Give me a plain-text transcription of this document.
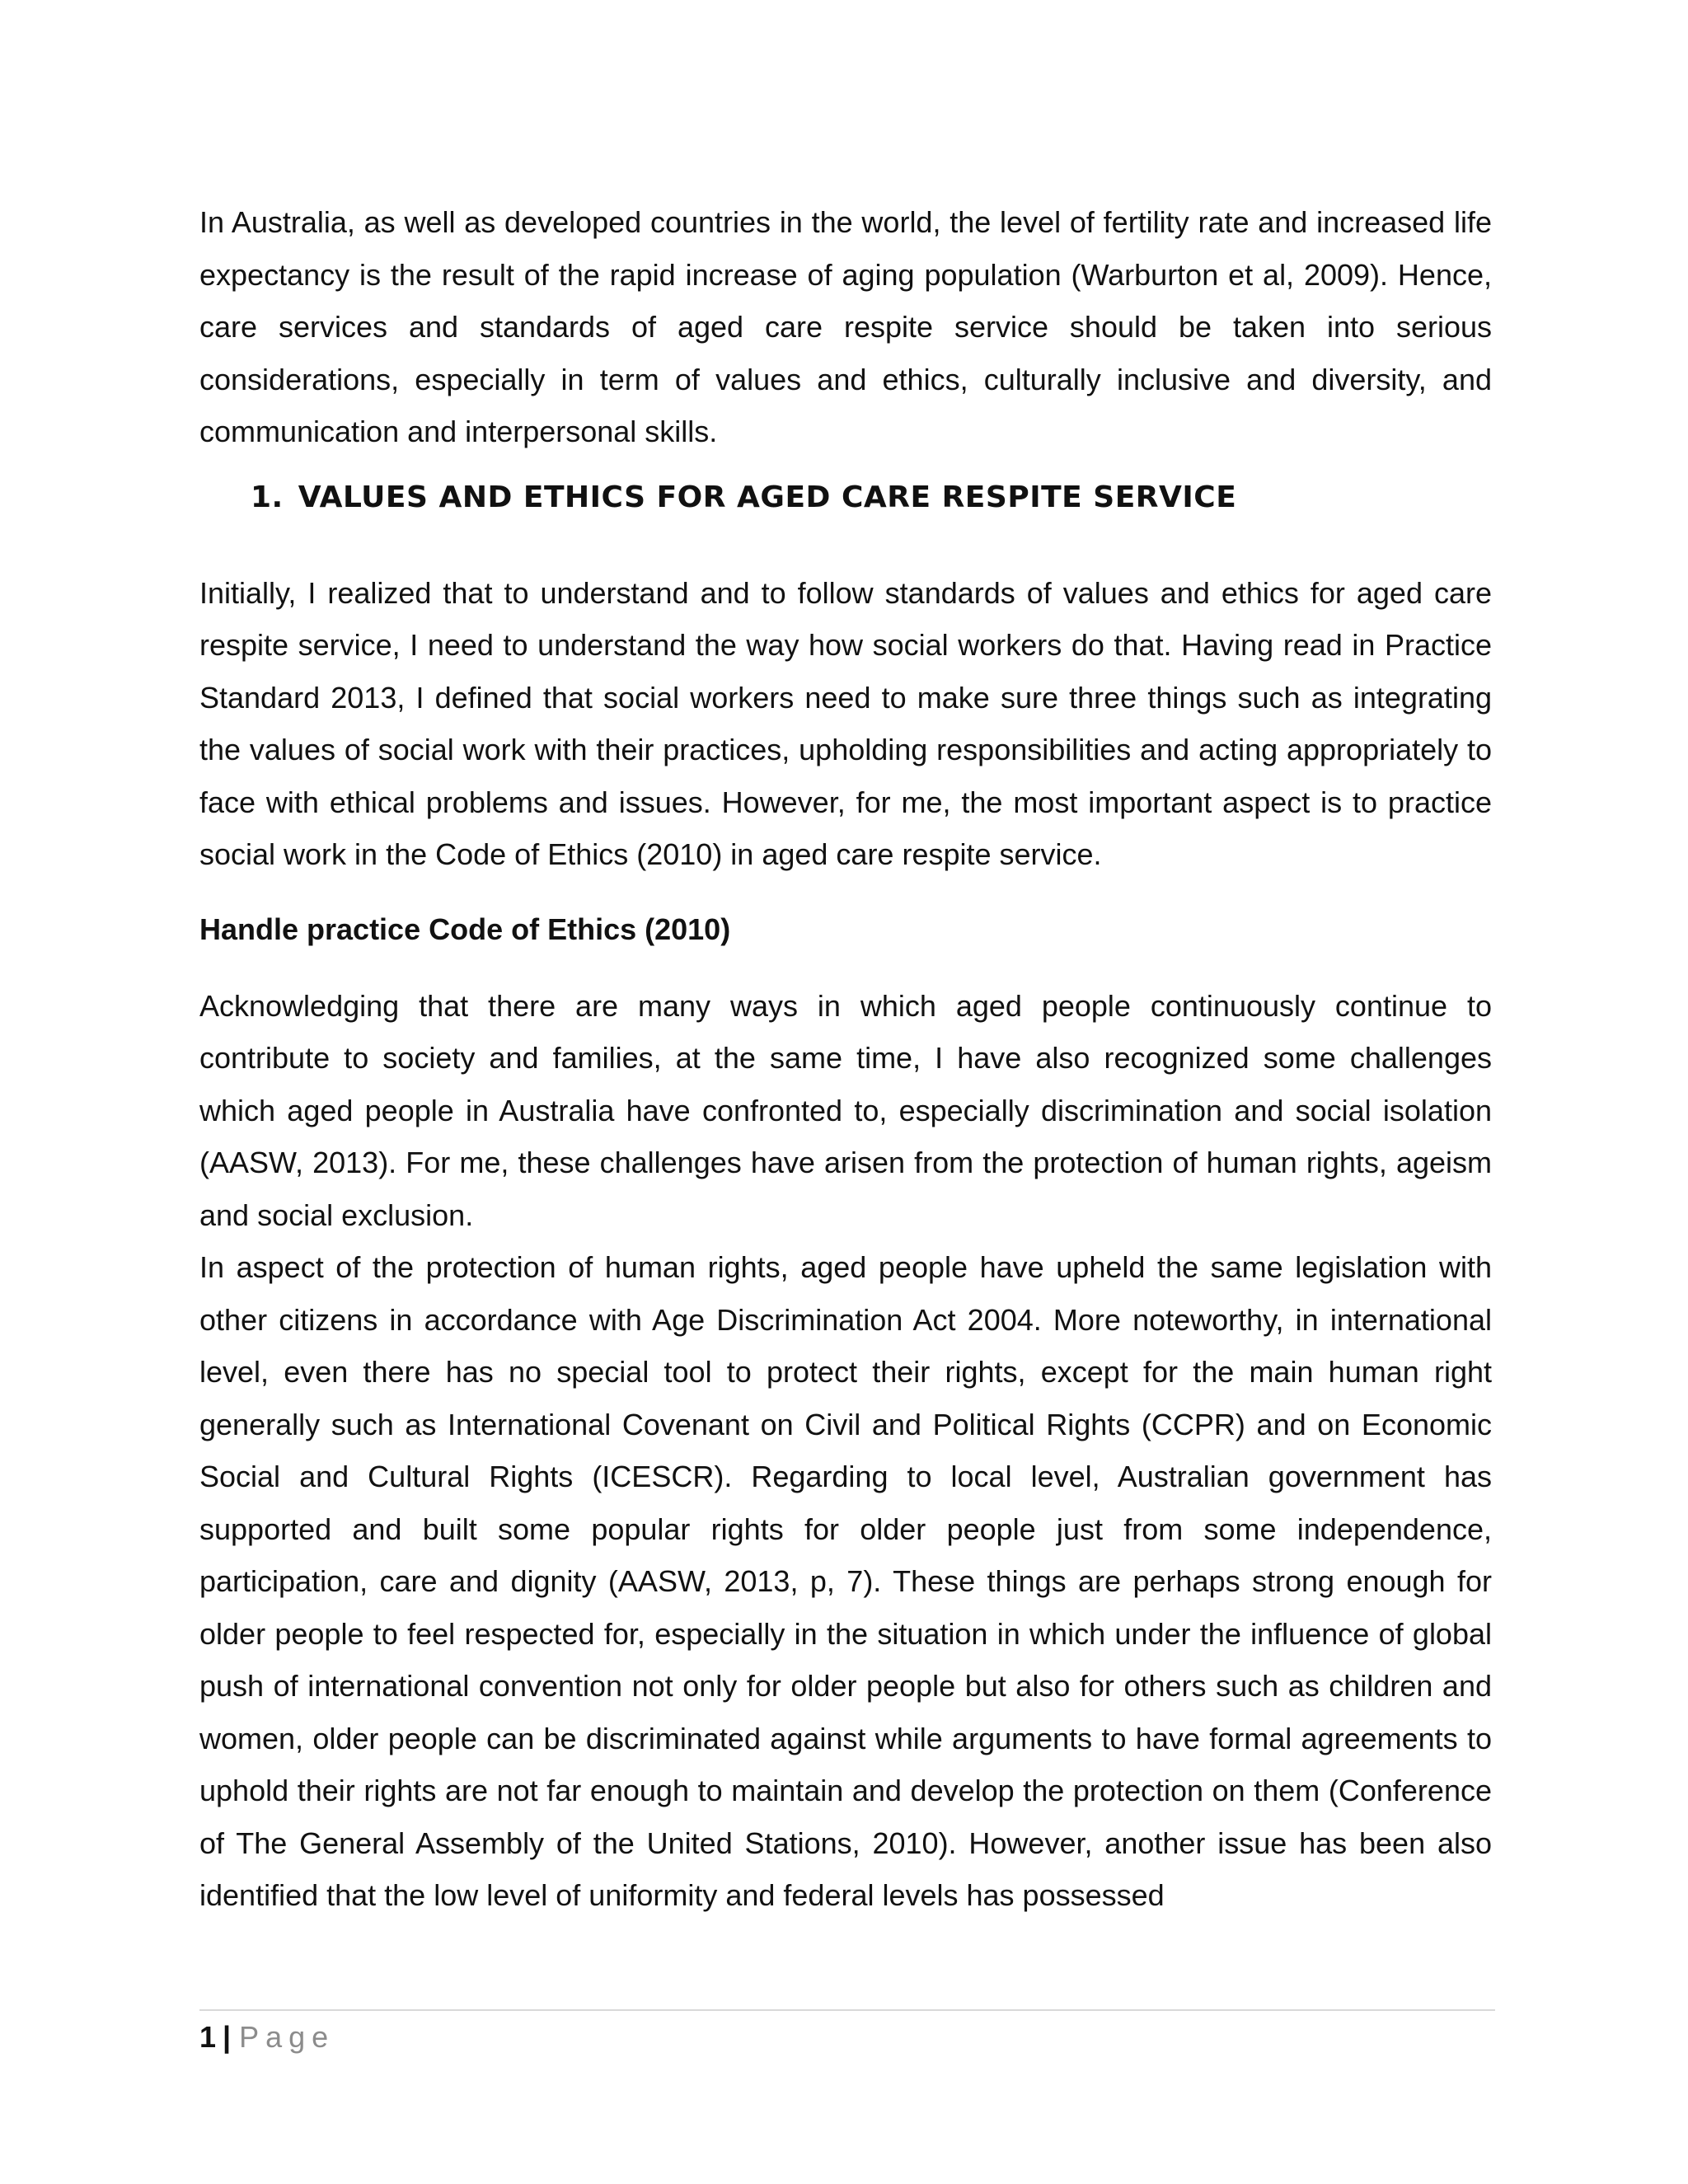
In Australia, as well as developed countries in the world, the level of fertility rate and increased life expectancy is the result of the rapid increase of aging population (Warburton et al, 2009). Hence, care services and standards of aged care respite service should be taken into serious considerations, especially in term of values and ethics, culturally inclusive and diversity, and communication and interpersonal skills.

1. VALUES AND ETHICS FOR AGED CARE RESPITE SERVICE

Initially, I realized that to understand and to follow standards of values and ethics for aged care respite service, I need to understand the way how social workers do that. Having read in Practice Standard 2013, I defined that social workers need to make sure three things such as integrating the values of social work with their practices, upholding responsibilities and acting appropriately to face with ethical problems and issues. However, for me, the most important aspect is to practice social work in the Code of Ethics (2010) in aged care respite service.

Handle practice Code of Ethics (2010)

Acknowledging that there are many ways in which aged people continuously continue to contribute to society and families, at the same time, I have also recognized some challenges which aged people in Australia have confronted to, especially discrimination and social isolation (AASW, 2013). For me, these challenges have arisen from the protection of human rights, ageism and social exclusion.

In aspect of the protection of human rights, aged people have upheld the same legislation with other citizens in accordance with Age Discrimination Act 2004. More noteworthy, in international level, even there has no special tool to protect their rights, except for the main human right generally such as International Covenant on Civil and Political Rights (CCPR) and on Economic Social and Cultural Rights (ICESCR). Regarding to local level, Australian government has supported and built some popular rights for older people just from some independence, participation, care and dignity (AASW, 2013, p, 7). These things are perhaps strong enough for older people to feel respected for, especially in the situation in which under the influence of global push of international convention not only for older people but also for others such as children and women, older people can be discriminated against while arguments to have formal agreements to uphold their rights are not far enough to maintain and develop the protection on them (Conference of The General Assembly of the United Stations, 2010). However, another issue has been also identified that the low level of uniformity and federal levels has possessed

1 | Page
